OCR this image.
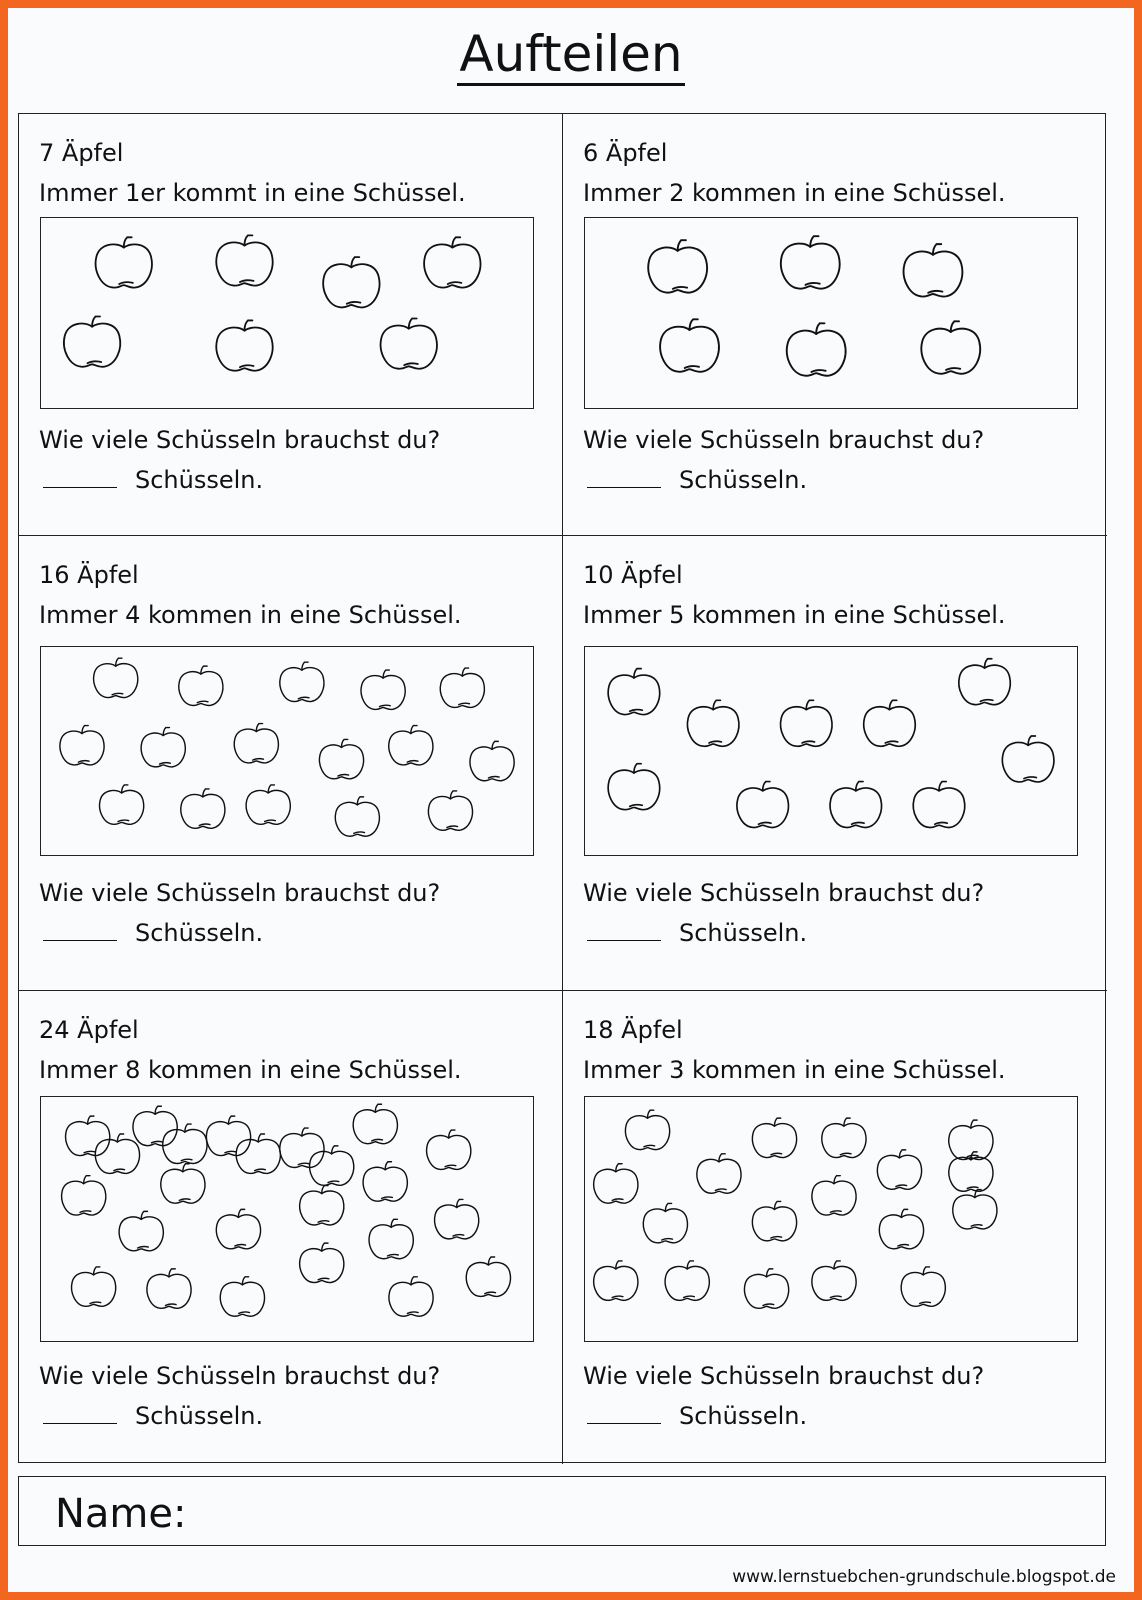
Aufteilen
7 Äpfel
Immer 1er kommt in eine Schüssel.
Wie viele Schüsseln brauchst du?
Schüsseln.
6 Äpfel
Immer 2 kommen in eine Schüssel.
Wie viele Schüsseln brauchst du?
Schüsseln.
16 Äpfel
Immer 4 kommen in eine Schüssel.
Wie viele Schüsseln brauchst du?
Schüsseln.
10 Äpfel
Immer 5 kommen in eine Schüssel.
Wie viele Schüsseln brauchst du?
Schüsseln.
24 Äpfel
Immer 8 kommen in eine Schüssel.
Wie viele Schüsseln brauchst du?
Schüsseln.
18 Äpfel
Immer 3 kommen in eine Schüssel.
Wie viele Schüsseln brauchst du?
Schüsseln.
Name:
www.lernstuebchen-grundschule.blogspot.de
